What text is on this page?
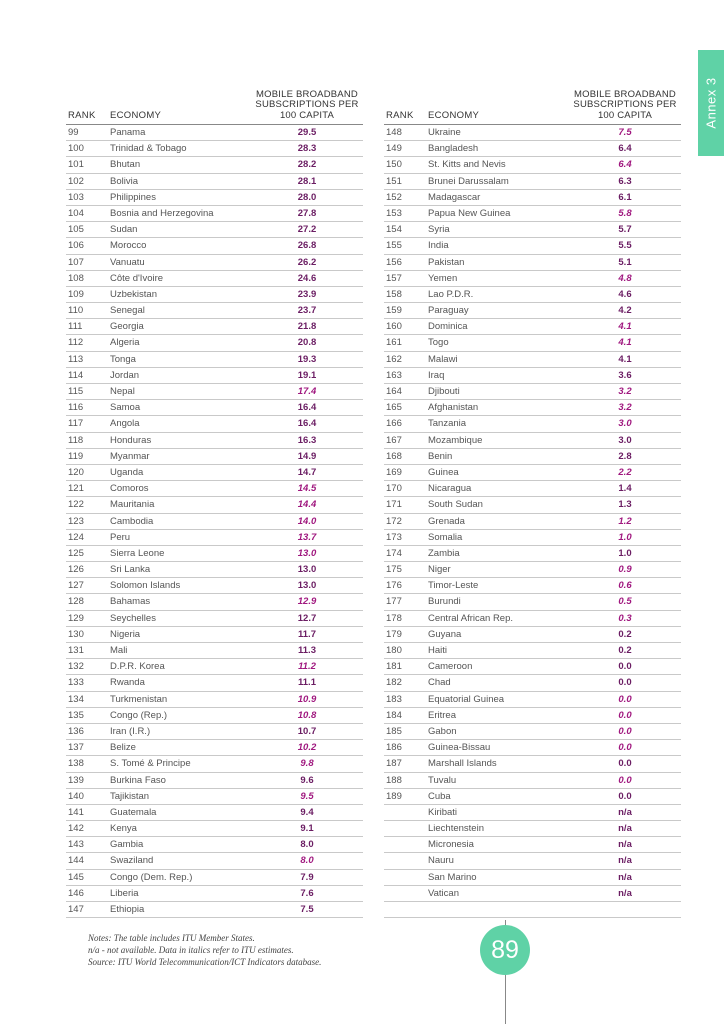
Annex 3
RANK ECONOMY
MOBILE BROADBAND SUBSCRIPTIONS PER 100 CAPITA
99	Panama	29.5
100	Trinidad & Tobago	28.3
101	Bhutan	28.2
102	Bolivia	28.1
103	Philippines	28.0
104	Bosnia and Herzegovina	27.8
105	Sudan	27.2
106	Morocco	26.8
107	Vanuatu	26.2
108	Côte d'Ivoire	24.6
109	Uzbekistan	23.9
110	Senegal	23.7
111	Georgia	21.8
112	Algeria	20.8
113	Tonga	19.3
114	Jordan	19.1
115	Nepal	17.4
116	Samoa	16.4
117	Angola	16.4
118	Honduras	16.3
119	Myanmar	14.9
120	Uganda	14.7
121	Comoros	14.5
122	Mauritania	14.4
123	Cambodia	14.0
124	Peru	13.7
125	Sierra Leone	13.0
126	Sri Lanka	13.0
127	Solomon Islands	13.0
128	Bahamas	12.9
129	Seychelles	12.7
130	Nigeria	11.7
131	Mali	11.3
132	D.P.R. Korea	11.2
133	Rwanda	11.1
134	Turkmenistan	10.9
135	Congo (Rep.)	10.8
136	Iran (I.R.)	10.7
137	Belize	10.2
138	S. Tomé & Principe	9.8
139	Burkina Faso	9.6
140	Tajikistan	9.5
141	Guatemala	9.4
142	Kenya	9.1
143	Gambia	8.0
144	Swaziland	8.0
145	Congo (Dem. Rep.)	7.9
146	Liberia	7.6
147	Ethiopia	7.5
RANK ECONOMY
MOBILE BROADBAND SUBSCRIPTIONS PER 100 CAPITA
148	Ukraine	7.5
149	Bangladesh	6.4
150	St. Kitts and Nevis	6.4
151	Brunei Darussalam	6.3
152	Madagascar	6.1
153	Papua New Guinea	5.8
154	Syria	5.7
155	India	5.5
156	Pakistan	5.1
157	Yemen	4.8
158	Lao P.D.R.	4.6
159	Paraguay	4.2
160	Dominica	4.1
161	Togo	4.1
162	Malawi	4.1
163	Iraq	3.6
164	Djibouti	3.2
165	Afghanistan	3.2
166	Tanzania	3.0
167	Mozambique	3.0
168	Benin	2.8
169	Guinea	2.2
170	Nicaragua	1.4
171	South Sudan	1.3
172	Grenada	1.2
173	Somalia	1.0
174	Zambia	1.0
175	Niger	0.9
176	Timor-Leste	0.6
177	Burundi	0.5
178	Central African Rep.	0.3
179	Guyana	0.2
180	Haiti	0.2
181	Cameroon	0.0
182	Chad	0.0
183	Equatorial Guinea	0.0
184	Eritrea	0.0
185	Gabon	0.0
186	Guinea-Bissau	0.0
187	Marshall Islands	0.0
188	Tuvalu	0.0
189	Cuba	0.0
Kiribati	n/a
Liechtenstein	n/a
Micronesia	n/a
Nauru	n/a
San Marino	n/a
Vatican	n/a
Notes: The table includes ITU Member States.
n/a - not available. Data in italics refer to ITU estimates.
Source: ITU World Telecommunication/ICT Indicators database.	89
